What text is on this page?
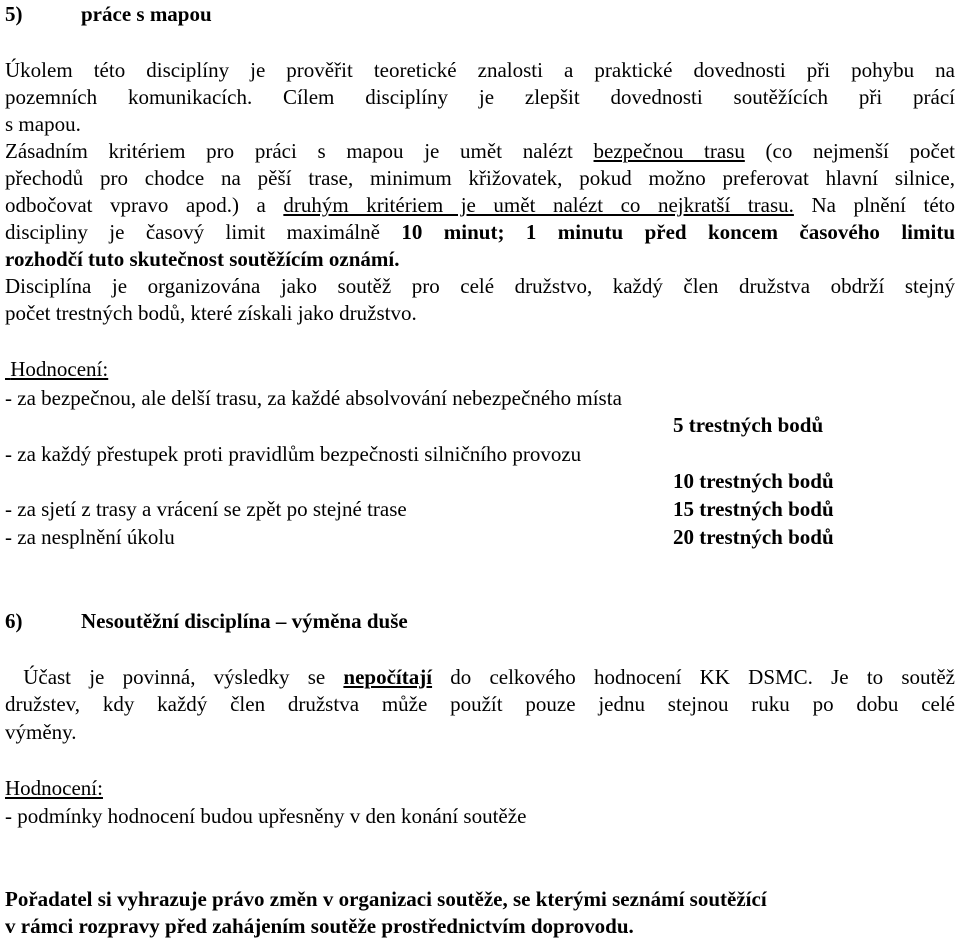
5)	práce s mapou
Úkolem této disciplíny je prověřit teoretické znalosti a praktické dovednosti při pohybu na
pozemních komunikacích. Cílem disciplíny je zlepšit dovednosti soutěžících při prácí
s mapou.
Zásadním kritériem pro práci s mapou je umět nalézt bezpečnou trasu (co nejmenší počet
přechodů pro chodce na pěší trase, minimum křižovatek, pokud možno preferovat hlavní silnice,
odbočovat vpravo apod.) a druhým kritériem je umět nalézt co nejkratší trasu. Na plnění této
discipliny je časový limit maximálně 10 minut; 1 minutu před koncem časového limitu
rozhodčí tuto skutečnost soutěžícím oznámí.
Disciplína je organizována jako soutěž pro celé družstvo, každý člen družstva obdrží stejný
počet trestných bodů, které získali jako družstvo.
Hodnocení:
- za bezpečnou, ale delší trasu, za každé absolvování nebezpečného místa
5 trestných bodů
- za každý přestupek proti pravidlům bezpečnosti silničního provozu
10 trestných bodů
- za sjetí z trasy a vrácení se zpět po stejné trase	15 trestných bodů
- za nesplnění úkolu	20 trestných bodů
6)	Nesoutěžní disciplína – výměna duše
Účast je povinná, výsledky se nepočítají do celkového hodnocení KK DSMC. Je to soutěž
družstev, kdy každý člen družstva může použít pouze jednu stejnou ruku po dobu celé
výměny.
Hodnocení:
- podmínky hodnocení budou upřesněny v den konání soutěže
Pořadatel si vyhrazuje právo změn v organizaci soutěže, se kterými seznámí soutěžící
v rámci rozpravy před zahájením soutěže prostřednictvím doprovodu.
